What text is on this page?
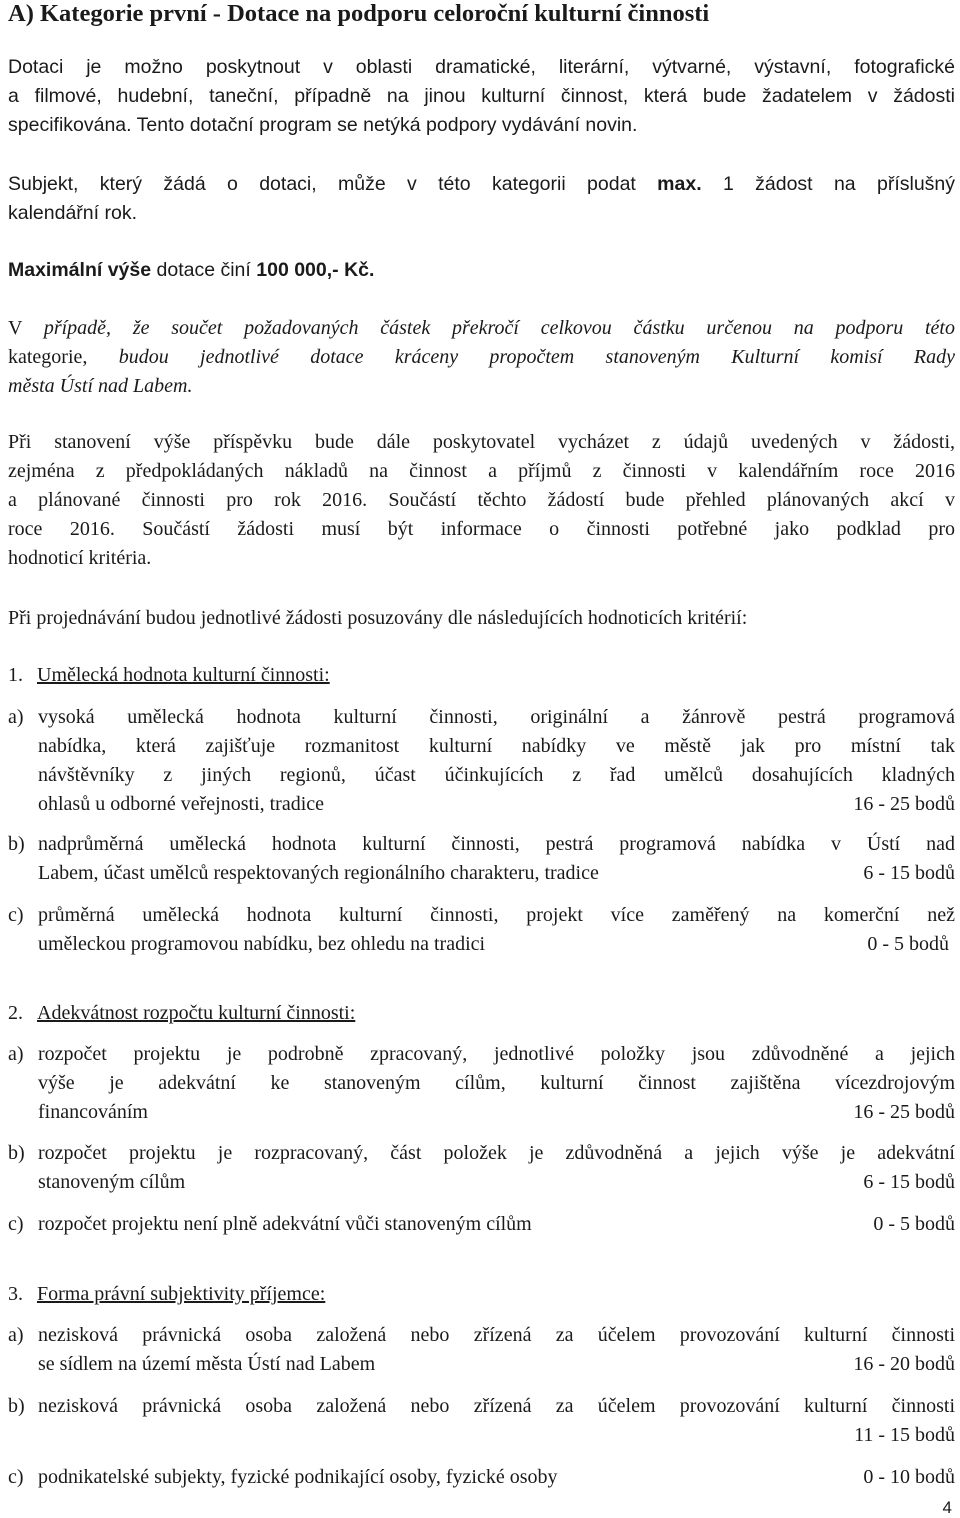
A) Kategorie první - Dotace na podporu celoroční kulturní činnosti
Dotaci je možno poskytnout v oblasti dramatické, literární, výtvarné, výstavní, fotografické
a filmové, hudební, taneční, případně na jinou kulturní činnost, která bude žadatelem v žádosti
specifikována. Tento dotační program se netýká podpory vydávání novin.
Subjekt, který žádá o dotaci, může v této kategorii podat max. 1 žádost na příslušný
kalendářní rok.
Maximální výše dotace činí 100 000,- Kč.
V případě, že součet požadovaných částek překročí celkovou částku určenou na podporu této
kategorie, budou jednotlivé dotace kráceny propočtem stanoveným Kulturní komisí Rady
města Ústí nad Labem.
Při stanovení výše příspěvku bude dále poskytovatel vycházet z údajů uvedených v žádosti,
zejména z předpokládaných nákladů na činnost a příjmů z činnosti v kalendářním roce 2016
a plánované činnosti pro rok 2016. Součástí těchto žádostí bude přehled plánovaných akcí v
roce 2016. Součástí žádosti musí být informace o činnosti potřebné jako podklad pro
hodnoticí kritéria.
Při projednávání budou jednotlivé žádosti posuzovány dle následujících hodnoticích kritérií:
1. Umělecká hodnota kulturní činnosti:
a) vysoká umělecká hodnota kulturní činnosti, originální a žánrově pestrá programová
nabídka, která zajišťuje rozmanitost kulturní nabídky ve městě jak pro místní tak
návštěvníky z jiných regionů, účast účinkujících z řad umělců dosahujících kladných
ohlasů u odborné veřejnosti, tradice	16 - 25 bodů
b) nadprůměrná umělecká hodnota kulturní činnosti, pestrá programová nabídka v Ústí nad
Labem, účast umělců respektovaných regionálního charakteru, tradice	6 - 15 bodů
c) průměrná umělecká hodnota kulturní činnosti, projekt více zaměřený na komerční než
uměleckou programovou nabídku, bez ohledu na tradici	0 - 5 bodů
2. Adekvátnost rozpočtu kulturní činnosti:
a) rozpočet projektu je podrobně zpracovaný, jednotlivé položky jsou zdůvodněné a jejich
výše je adekvátní ke stanoveným cílům, kulturní činnost zajištěna vícezdrojovým
financováním	16 - 25 bodů
b) rozpočet projektu je rozpracovaný, část položek je zdůvodněná a jejich výše je adekvátní
stanoveným cílům	6 - 15 bodů
c) rozpočet projektu není plně adekvátní vůči stanoveným cílům	0 - 5 bodů
3. Forma právní subjektivity příjemce:
a) nezisková právnická osoba založená nebo zřízená za účelem provozování kulturní činnosti
se sídlem na území města Ústí nad Labem	16 - 20 bodů
b) nezisková právnická osoba založená nebo zřízená za účelem provozování kulturní činnosti
11 - 15 bodů
c) podnikatelské subjekty, fyzické podnikající osoby, fyzické osoby	0 - 10 bodů
4
